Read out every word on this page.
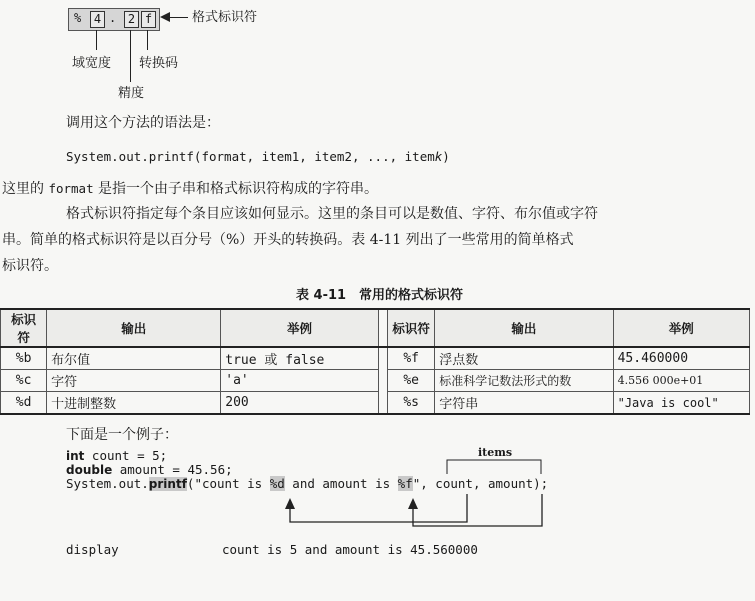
%	4 . 2 f	格式标识符
域宽度 转换码
精度
调用这个方法的语法是：
System.out.printf(format, item1, item2, ..., itemk)
这里的 format 是指一个由子串和格式标识符构成的字符串。
格式标识符指定每个条目应该如何显示。这里的条目可以是数值、字符、布尔值或字符
串。简单的格式标识符是以百分号（%）开头的转换码。表 4-11 列出了一些常用的简单格式
标识符。
表 4-11　常用的格式标识符
标识符	输出	举例		标识符	输出	举例
%b	布尔值	true 或 false		%f	浮点数	45.460000
%c	字符	'a'		%e	标准科学记数法形式的数	4.556 000e+01
%d	十进制整数	200		%s	字符串	"Java is cool"
下面是一个例子：
int count = 5;
double amount = 45.56;
System.out.printf("count is %d and amount is %f", count, amount);
items
display	count is 5 and amount is 45.560000
